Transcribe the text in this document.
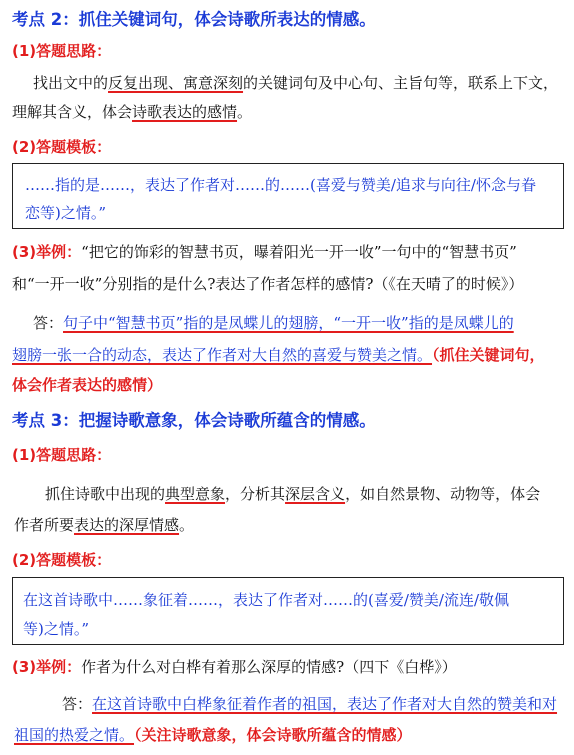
考点 2：抓住关键词句，体会诗歌所表达的情感。
(1)答题思路：
找出文中的反复出现、寓意深刻的关键词句及中心句、主旨句等，联系上下文，
理解其含义，体会诗歌表达的感情。
(2)答题模板：
……指的是……，表达了作者对……的……(喜爱与赞美/追求与向往/怀念与眷
恋等)之情。”
(3)举例：“把它的饰彩的智慧书页，曝着阳光一开一收”一句中的“智慧书页”
和“一开一收”分别指的是什么?表达了作者怎样的感情?（《在天晴了的时候》）
答：句子中“智慧书页”指的是凤蝶儿的翅膀，“一开一收”指的是凤蝶儿的
翅膀一张一合的动态，表达了作者对大自然的喜爱与赞美之情。（抓住关键词句，
体会作者表达的感情）
考点 3：把握诗歌意象，体会诗歌所蕴含的情感。
(1)答题思路：
抓住诗歌中出现的典型意象，分析其深层含义，如自然景物、动物等，体会
作者所要表达的深厚情感。
(2)答题模板：
在这首诗歌中……象征着……，表达了作者对……的(喜爱/赞美/流连/敬佩
等)之情。”
(3)举例：作者为什么对白桦有着那么深厚的情感?（四下《白桦》）
答：在这首诗歌中白桦象征着作者的祖国，表达了作者对大自然的赞美和对
祖国的热爱之情。（关注诗歌意象，体会诗歌所蕴含的情感）
